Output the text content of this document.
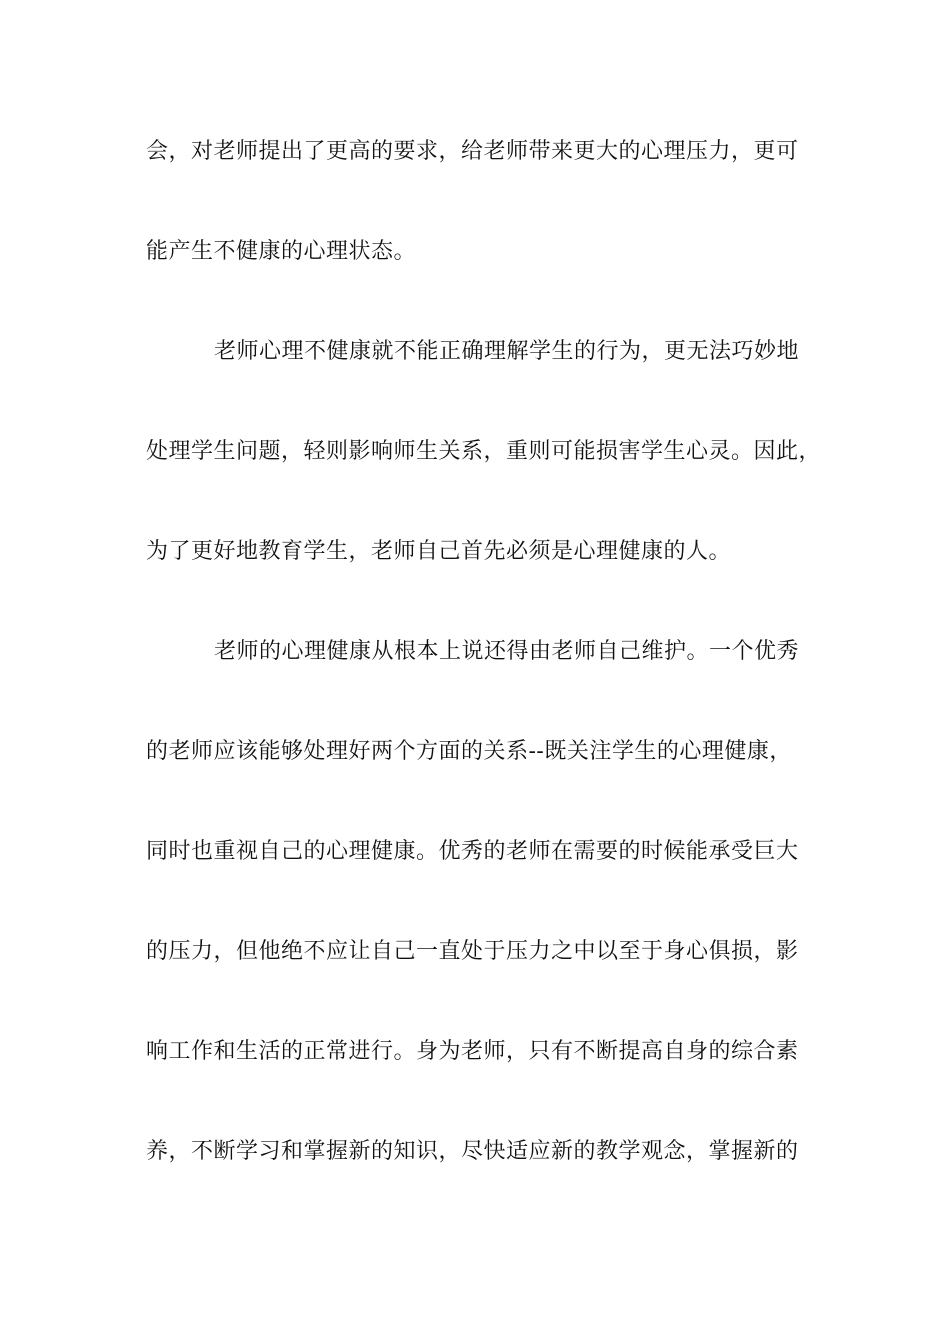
会，对老师提出了更高的要求，给老师带来更大的心理压力，更可
能产生不健康的心理状态。
老师心理不健康就不能正确理解学生的行为，更无法巧妙地
处理学生问题，轻则影响师生关系，重则可能损害学生心灵。因此，
为了更好地教育学生，老师自己首先必须是心理健康的人。
老师的心理健康从根本上说还得由老师自己维护。一个优秀
的老师应该能够处理好两个方面的关系--既关注学生的心理健康，
同时也重视自己的心理健康。优秀的老师在需要的时候能承受巨大
的压力，但他绝不应让自己一直处于压力之中以至于身心俱损，影
响工作和生活的正常进行。身为老师，只有不断提高自身的综合素
养，不断学习和掌握新的知识，尽快适应新的教学观念，掌握新的
